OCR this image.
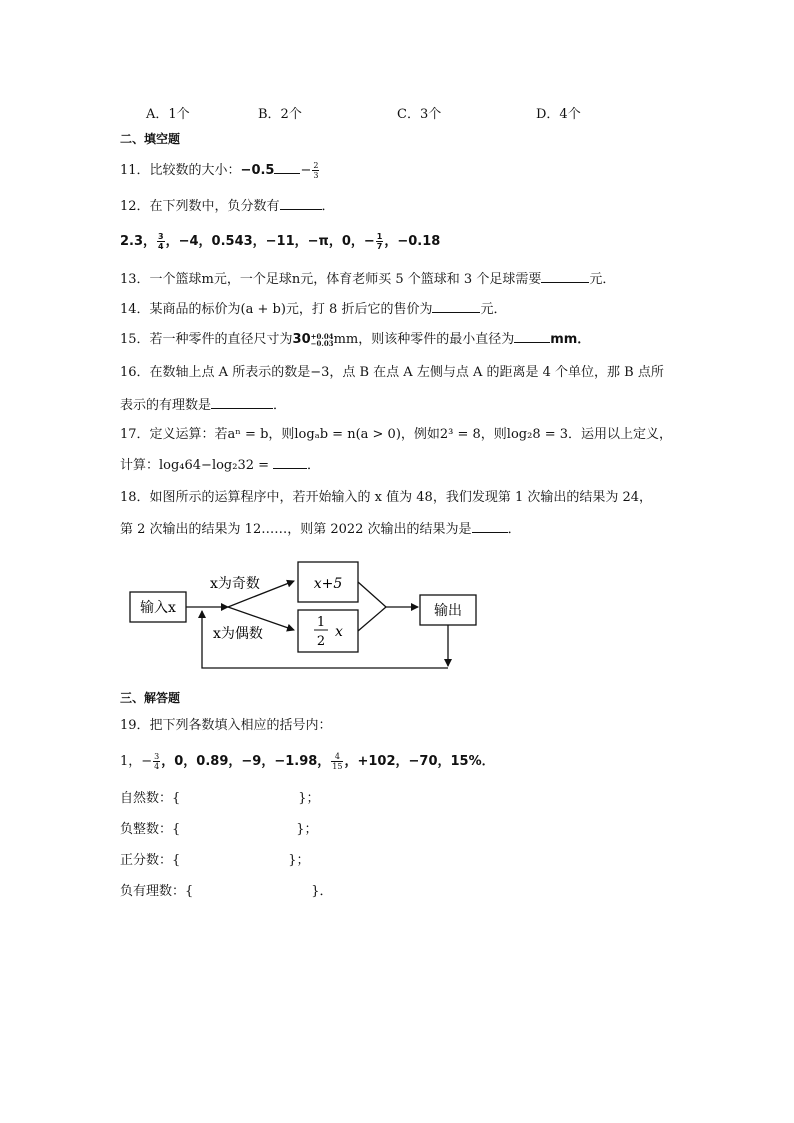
A．1个	B．2个	C．3个	D．4个
二、填空题
11．比较数的大小：$-0.5 - \frac{2}{3}$
12．在下列数中，负分数有	．
2.3， $\frac{3}{4}$ ，−4，0.543，−11，−π，0，− $\frac{1}{7}$ ，−0.18
13．一个篮球m元，一个足球n元，体育老师买 5 个篮球和 3 个足球需要	元．
14．某商品的标价为(a + b)元，打 8 折后它的售价为	元．
15．若一种零件的直径尺寸为30 +0.04
−0.03 mm，则该种零件的最小直径为	mm．
16．在数轴上点 A 所表示的数是−3，点 B 在点 A 左侧与点 A 的距离是 4 个单位，那 B 点所
表示的有理数是	．
17．定义运算：若aⁿ = b，则logₐb = n(a > 0)，例如2³ = 8，则log₂8 = 3．运用以上定义，
计算：log₄64−log₂32 =	．
18．如图所示的运算程序中，若开始输入的 x 值为 48，我们发现第 1 次输出的结果为 24，
第 2 次输出的结果为 12……，则第 2022 次输出的结果为是	．
输入x
x为奇数
x为偶数
x+5
1
2
x
输出
三、解答题
19．把下列各数填入相应的括号内：
1，− $\frac{3}{4}$ ，0，0.89，−9，−1.98， $\frac{4}{15}$ ，+102，−70，15%．
自然数：{	}；
负整数：{	}；
正分数：{	}；
负有理数：{	}．
